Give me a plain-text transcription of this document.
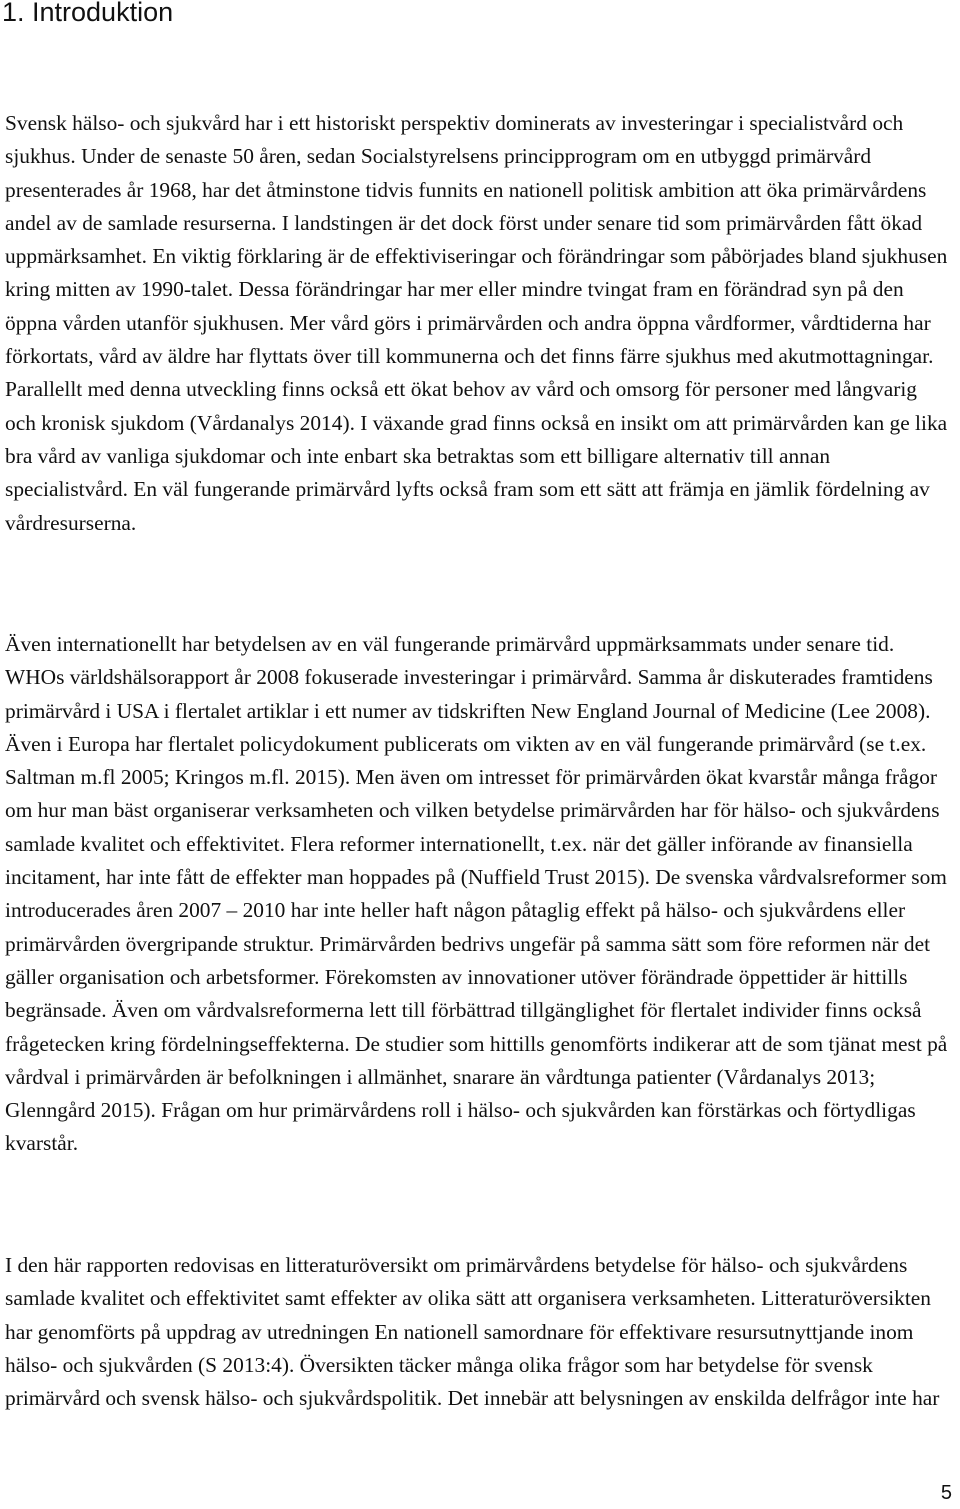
1. Introduktion

Svensk hälso- och sjukvård har i ett historiskt perspektiv dominerats av investeringar i specialistvård och sjukhus. Under de senaste 50 åren, sedan Socialstyrelsens principprogram om en utbyggd primärvård presenterades år 1968, har det åtminstone tidvis funnits en nationell politisk ambition att öka primärvårdens andel av de samlade resurserna. I landstingen är det dock först under senare tid som primärvården fått ökad uppmärksamhet. En viktig förklaring är de effektiviseringar och förändringar som påbörjades bland sjukhusen kring mitten av 1990-talet. Dessa förändringar har mer eller mindre tvingat fram en förändrad syn på den öppna vården utanför sjukhusen. Mer vård görs i primärvården och andra öppna vårdformer, vårdtiderna har förkortats, vård av äldre har flyttats över till kommunerna och det finns färre sjukhus med akutmottagningar. Parallellt med denna utveckling finns också ett ökat behov av vård och omsorg för personer med långvarig och kronisk sjukdom (Vårdanalys 2014). I växande grad finns också en insikt om att primärvården kan ge lika bra vård av vanliga sjukdomar och inte enbart ska betraktas som ett billigare alternativ till annan specialistvård. En väl fungerande primärvård lyfts också fram som ett sätt att främja en jämlik fördelning av vårdresurserna.

Även internationellt har betydelsen av en väl fungerande primärvård uppmärksammats under senare tid. WHOs världshälsorapport år 2008 fokuserade investeringar i primärvård. Samma år diskuterades framtidens primärvård i USA i flertalet artiklar i ett numer av tidskriften New England Journal of Medicine (Lee 2008). Även i Europa har flertalet policydokument publicerats om vikten av en väl fungerande primärvård (se t.ex. Saltman m.fl 2005; Kringos m.fl. 2015). Men även om intresset för primärvården ökat kvarstår många frågor om hur man bäst organiserar verksamheten och vilken betydelse primärvården har för hälso- och sjukvårdens samlade kvalitet och effektivitet. Flera reformer internationellt, t.ex. när det gäller införande av finansiella incitament, har inte fått de effekter man hoppades på (Nuffield Trust 2015). De svenska vårdvalsreformer som introducerades åren 2007 – 2010 har inte heller haft någon påtaglig effekt på hälso- och sjukvårdens eller primärvården övergripande struktur. Primärvården bedrivs ungefär på samma sätt som före reformen när det gäller organisation och arbetsformer. Förekomsten av innovationer utöver förändrade öppettider är hittills begränsade. Även om vårdvalsreformerna lett till förbättrad tillgänglighet för flertalet individer finns också frågetecken kring fördelningseffekterna. De studier som hittills genomförts indikerar att de som tjänat mest på vårdval i primärvården är befolkningen i allmänhet, snarare än vårdtunga patienter (Vårdanalys 2013; Glenngård 2015). Frågan om hur primärvårdens roll i hälso- och sjukvården kan förstärkas och förtydligas kvarstår.

I den här rapporten redovisas en litteraturöversikt om primärvårdens betydelse för hälso- och sjukvårdens samlade kvalitet och effektivitet samt effekter av olika sätt att organisera verksamheten. Litteraturöversikten har genomförts på uppdrag av utredningen En nationell samordnare för effektivare resursutnyttjande inom hälso- och sjukvården (S 2013:4). Översikten täcker många olika frågor som har betydelse för svensk primärvård och svensk hälso- och sjukvårdspolitik. Det innebär att belysningen av enskilda delfrågor inte har

5
